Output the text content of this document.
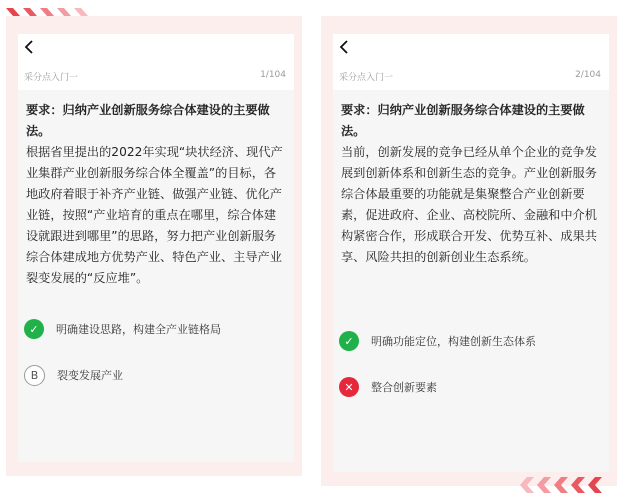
采分点入门一	1/104
要求：归纳产业创新服务综合体建设的主要做法。
根据省里提出的2022年实现“块状经济、现代产业集群产业创新服务综合体全覆盖”的目标，各地政府着眼于补齐产业链、做强产业链、优化产业链，按照“产业培育的重点在哪里，综合体建设就跟进到哪里”的思路，努力把产业创新服务综合体建成地方优势产业、特色产业、主导产业裂变发展的“反应堆”。
✓	明确建设思路，构建全产业链格局
B	裂变发展产业
采分点入门一	2/104
要求：归纳产业创新服务综合体建设的主要做法。
当前，创新发展的竞争已经从单个企业的竞争发展到创新体系和创新生态的竞争。产业创新服务综合体最重要的功能就是集聚整合产业创新要素，促进政府、企业、高校院所、金融和中介机构紧密合作，形成联合开发、优势互补、成果共享、风险共担的创新创业生态系统。
✓	明确功能定位，构建创新生态体系
✕	整合创新要素
